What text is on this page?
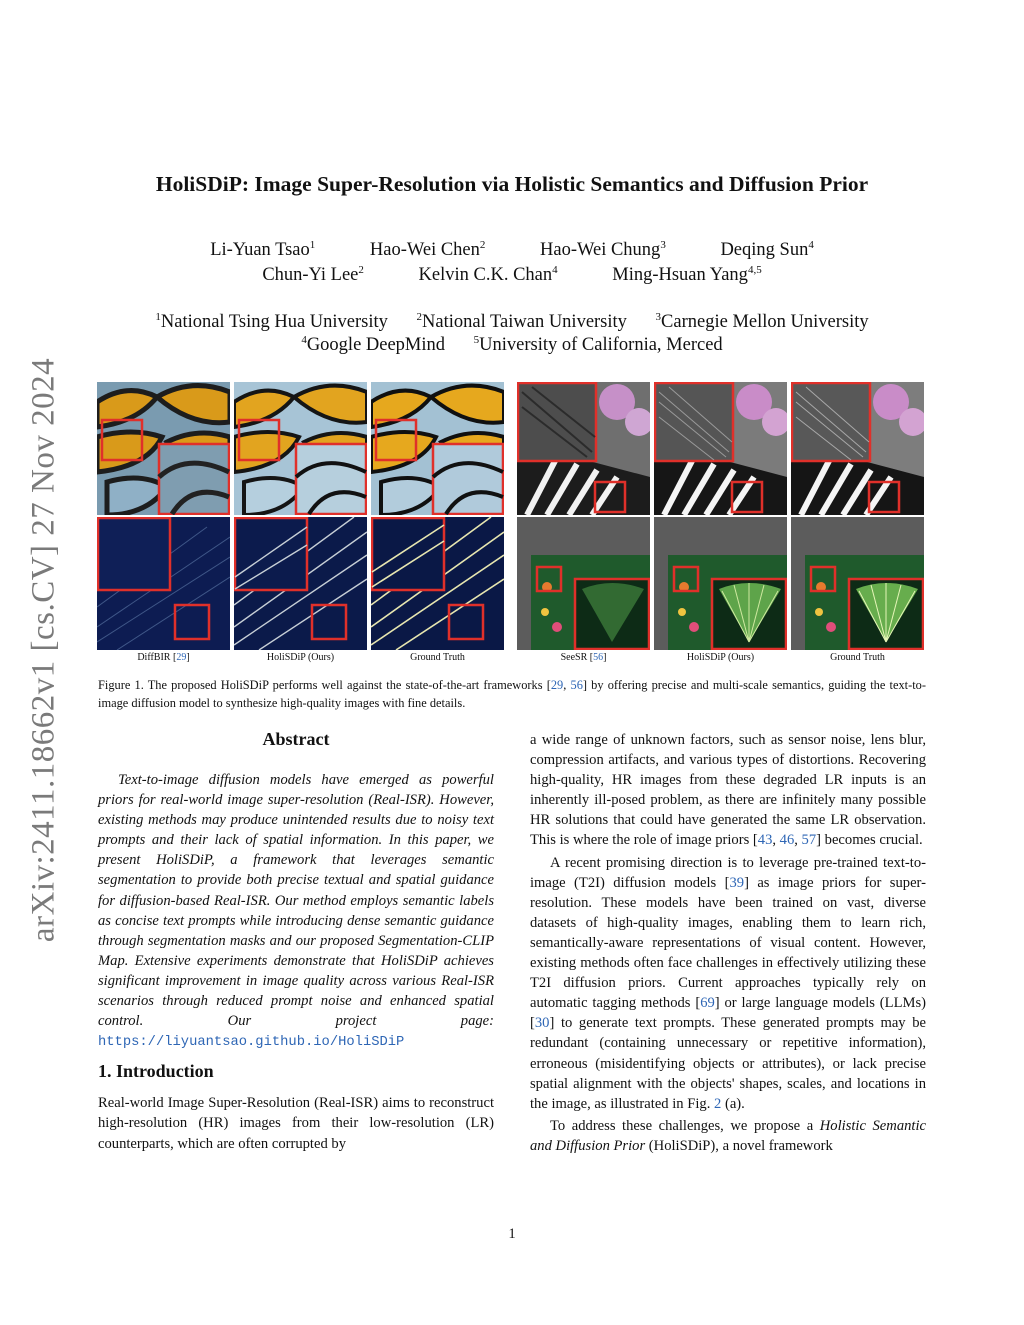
arXiv:2411.18662v1 [cs.CV] 27 Nov 2024
HoliSDiP: Image Super-Resolution via Holistic Semantics and Diffusion Prior
Li-Yuan Tsao$^1$	Hao-Wei Chen$^2$	Hao-Wei Chung$^3$	Deqing Sun$^4$
Chun-Yi Lee$^2$	Kelvin C.K. Chan$^4$	Ming-Hsuan Yang$^{4,5}$
$^1$National Tsing Hua University	$^2$National Taiwan University	$^3$Carnegie Mellon University
$^4$Google DeepMind	$^5$University of California, Merced
DiffBIR [29]	HoliSDiP (Ours)	Ground Truth	SeeSR [56]	HoliSDiP (Ours)	Ground Truth
Figure 1. The proposed HoliSDiP performs well against the state-of-the-art frameworks [29, 56] by offering precise and multi-scale semantics, guiding the text-to-image diffusion model to synthesize high-quality images with fine details.
Abstract

Text-to-image diffusion models have emerged as powerful priors for real-world image super-resolution (Real-ISR). However, existing methods may produce unintended results due to noisy text prompts and their lack of spatial information. In this paper, we present HoliSDiP, a framework that leverages semantic segmentation to provide both precise textual and spatial guidance for diffusion-based Real-ISR. Our method employs semantic labels as concise text prompts while introducing dense semantic guidance through segmentation masks and our proposed Segmentation-CLIP Map. Extensive experiments demonstrate that HoliSDiP achieves significant improvement in image quality across various Real-ISR scenarios through reduced prompt noise and enhanced spatial control. Our project page: https://liyuantsao.github.io/HoliSDiP

1. Introduction

Real-world Image Super-Resolution (Real-ISR) aims to reconstruct high-resolution (HR) images from their low-resolution (LR) counterparts, which are often corrupted by

a wide range of unknown factors, such as sensor noise, lens blur, compression artifacts, and various types of distortions. Recovering high-quality, HR images from these degraded LR inputs is an inherently ill-posed problem, as there are infinitely many possible HR solutions that could have generated the same LR observation. This is where the role of image priors [43, 46, 57] becomes crucial.

A recent promising direction is to leverage pre-trained text-to-image (T2I) diffusion models [39] as image priors for super-resolution. These models have been trained on vast, diverse datasets of high-quality images, enabling them to learn rich, semantically-aware representations of visual content. However, existing methods often face challenges in effectively utilizing these T2I diffusion priors. Current approaches typically rely on automatic tagging methods [69] or large language models (LLMs) [30] to generate text prompts. These generated prompts may be redundant (containing unnecessary or repetitive information), erroneous (misidentifying objects or attributes), or lack precise spatial alignment with the objects' shapes, scales, and locations in the image, as illustrated in Fig. 2 (a).

To address these challenges, we propose a Holistic Semantic and Diffusion Prior (HoliSDiP), a novel framework

1
